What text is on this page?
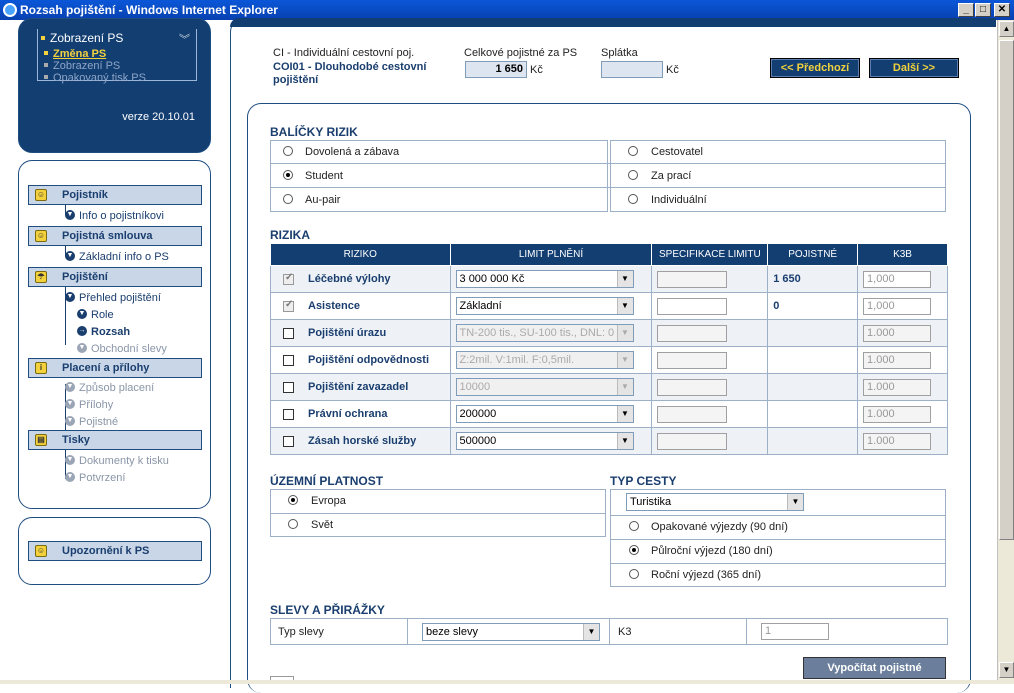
Rozsah pojištění - Windows Internet Explorer	_	□	✕
▲
▼
Zobrazení PS	︾
Změna PS
Zobrazení PS
Opakovaný tisk PS
verze 20.10.01
☺ Pojistník
▼ Info o pojistníkovi
☺ Pojistná smlouva
▼ Základní info o PS
☂ Pojištění
▼ Přehled pojištění
▼ Role
→ Rozsah
▼ Obchodní slevy
i	Placení a přílohy
▼ Způsob placení
▼ Přílohy
▼ Pojistné
▤ Tisky
▼ Dokumenty k tisku
▼ Potvrzení
☺ Upozornění k PS
CI - Individuální cestovní poj.
COI01 - Dlouhodobé cestovní pojištění
Celkové pojistné za PS
1 650 Kč
Splátka
Kč	<< Předchozí	Další >>
BALÍČKY RIZIK
Dovolená a zábava	Cestovatel
Student	Za prací
Au-pair	Individuální
RIZIKA
RIZIKO	LIMIT PLNĚNÍ	SPECIFIKACE LIMITU	POJISTNÉ	K3B
✓Léčebné výlohy	3 000 000 Kč ▼		1 650	1,000
✓Asistence	Základní ▼		0	1,000
Pojištění úrazu	TN-200 tis., SU-100 tis., DNL: 0 ▼			1.000
Pojištění odpovědnosti	Z:2mil. V:1mil. F:0,5mil. ▼			1.000
Pojištění zavazadel	10000 ▼			1.000
Právní ochrana	200000 ▼			1.000
Zásah horské služby	500000 ▼			1.000
ÚZEMNÍ PLATNOST
Evropa
Svět
TYP CESTY
Turistika	▼
Opakované výjezdy (90 dní)
Půlroční výjezd (180 dní)
Roční výjezd (365 dní)
SLEVY A PŘIRÁŽKY
Typ slevy	beze slevy	▼	K3	1
Vypočítat pojistné
